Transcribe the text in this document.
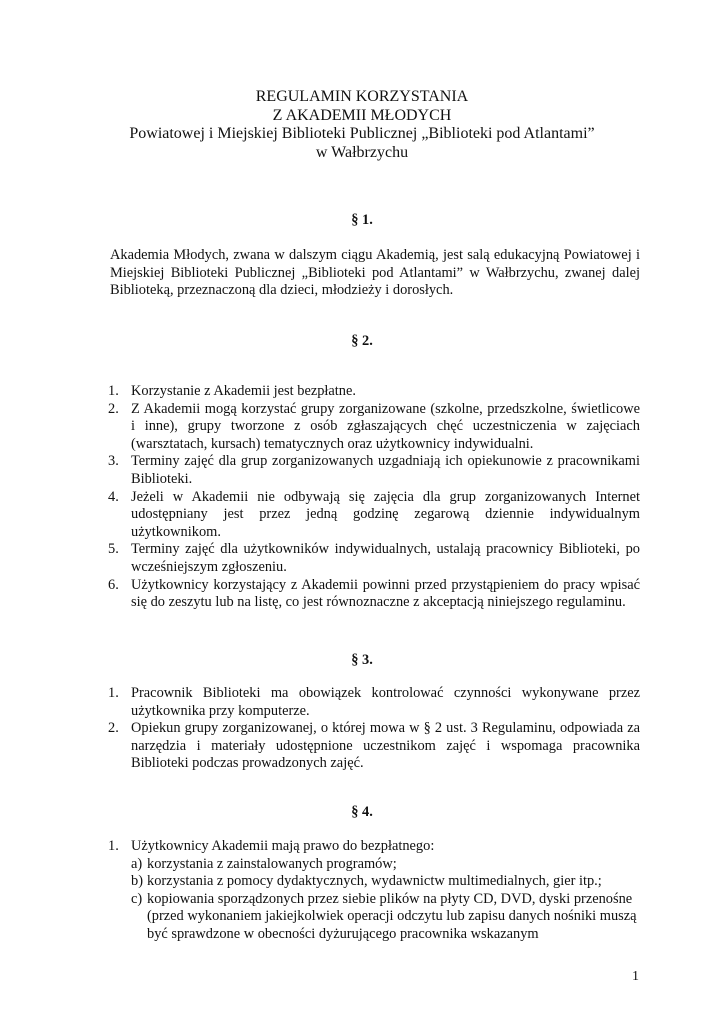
REGULAMIN KORZYSTANIA
Z AKADEMII MŁODYCH
Powiatowej i Miejskiej Biblioteki Publicznej „Biblioteki pod Atlantami”
w Wałbrzychu
§ 1.
Akademia Młodych, zwana w dalszym ciągu Akademią, jest salą edukacyjną Powiatowej i Miejskiej Biblioteki Publicznej „Biblioteki pod Atlantami” w Wałbrzychu, zwanej dalej Biblioteką, przeznaczoną dla dzieci, młodzieży i dorosłych.
§ 2.
1. Korzystanie z Akademii jest bezpłatne.
2. Z Akademii mogą korzystać grupy zorganizowane (szkolne, przedszkolne, świetlicowe i inne), grupy tworzone z osób zgłaszających chęć uczestniczenia w zajęciach (warsztatach, kursach) tematycznych oraz użytkownicy indywidualni.
3. Terminy zajęć dla grup zorganizowanych uzgadniają ich opiekunowie z pracownikami Biblioteki.
4. Jeżeli w Akademii nie odbywają się zajęcia dla grup zorganizowanych Internet udostępniany jest przez jedną godzinę zegarową dziennie indywidualnym użytkownikom.
5. Terminy zajęć dla użytkowników indywidualnych, ustalają pracownicy Biblioteki, po wcześniejszym zgłoszeniu.
6. Użytkownicy korzystający z Akademii powinni przed przystąpieniem do pracy wpisać się do zeszytu lub na listę, co jest równoznaczne z akceptacją niniejszego regulaminu.
§ 3.
1. Pracownik Biblioteki ma obowiązek kontrolować czynności wykonywane przez użytkownika przy komputerze.
2. Opiekun grupy zorganizowanej, o której mowa w § 2 ust. 3 Regulaminu, odpowiada za narzędzia i materiały udostępnione uczestnikom zajęć i wspomaga pracownika Biblioteki podczas prowadzonych zajęć.
§ 4.
1. Użytkownicy Akademii mają prawo do bezpłatnego:
a) korzystania z zainstalowanych programów;
b) korzystania z pomocy dydaktycznych, wydawnictw multimedialnych, gier itp.;
c) kopiowania sporządzonych przez siebie plików na płyty CD, DVD, dyski przenośne (przed wykonaniem jakiejkolwiek operacji odczytu lub zapisu danych nośniki muszą być sprawdzone w obecności dyżurującego pracownika wskazanym
1
